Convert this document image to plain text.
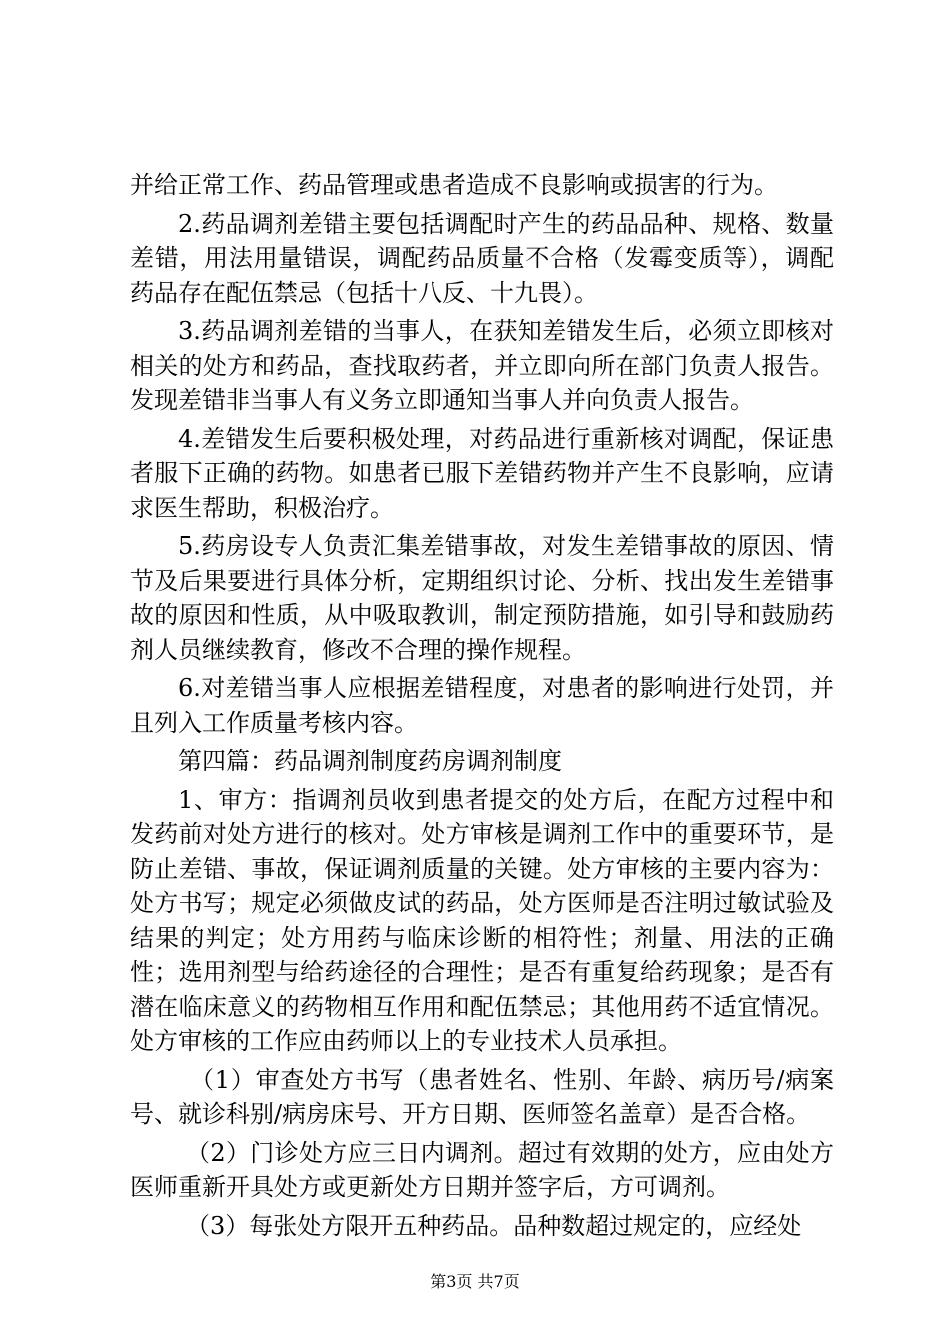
并给正常工作、药品管理或患者造成不良影响或损害的行为。

2.药品调剂差错主要包括调配时产生的药品品种、规格、数量差错，用法用量错误，调配药品质量不合格（发霉变质等），调配药品存在配伍禁忌（包括十八反、十九畏）。

3.药品调剂差错的当事人，在获知差错发生后，必须立即核对相关的处方和药品，查找取药者，并立即向所在部门负责人报告。发现差错非当事人有义务立即通知当事人并向负责人报告。

4.差错发生后要积极处理，对药品进行重新核对调配，保证患者服下正确的药物。如患者已服下差错药物并产生不良影响，应请求医生帮助，积极治疗。

5.药房设专人负责汇集差错事故，对发生差错事故的原因、情节及后果要进行具体分析，定期组织讨论、分析、找出发生差错事故的原因和性质，从中吸取教训，制定预防措施，如引导和鼓励药剂人员继续教育，修改不合理的操作规程。

6.对差错当事人应根据差错程度，对患者的影响进行处罚，并且列入工作质量考核内容。

第四篇：药品调剂制度药房调剂制度

1、审方：指调剂员收到患者提交的处方后，在配方过程中和发药前对处方进行的核对。处方审核是调剂工作中的重要环节，是防止差错、事故，保证调剂质量的关键。处方审核的主要内容为：处方书写；规定必须做皮试的药品，处方医师是否注明过敏试验及结果的判定；处方用药与临床诊断的相符性；剂量、用法的正确性；选用剂型与给药途径的合理性；是否有重复给药现象；是否有潜在临床意义的药物相互作用和配伍禁忌；其他用药不适宜情况。处方审核的工作应由药师以上的专业技术人员承担。

（1）审查处方书写（患者姓名、性别、年龄、病历号/病案号、就诊科别/病房床号、开方日期、医师签名盖章）是否合格。

（2）门诊处方应三日内调剂。超过有效期的处方，应由处方医师重新开具处方或更新处方日期并签字后，方可调剂。

（3）每张处方限开五种药品。品种数超过规定的，应经处

第3页 共7页
